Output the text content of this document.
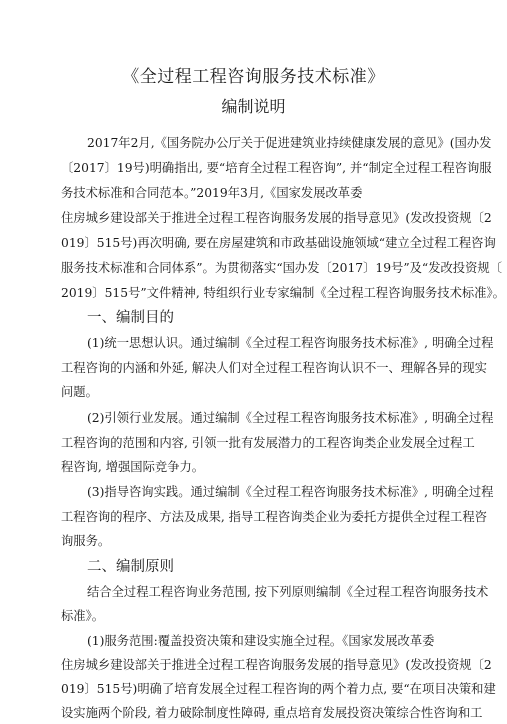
《全过程工程咨询服务技术标准》
编制说明
2017年2月,《国务院办公厅关于促进建筑业持续健康发展的意见》(国办发
〔2017〕19号)明确指出, 要“培育全过程工程咨询”, 并“制定全过程工程咨询服
务技术标准和合同范本。”2019年3月,《国家发展改革委
住房城乡建设部关于推进全过程工程咨询服务发展的指导意见》(发改投资规〔2
019〕515号)再次明确, 要在房屋建筑和市政基础设施领域“建立全过程工程咨询
服务技术标准和合同体系”。为贯彻落实“国办发〔2017〕19号”及“发改投资规〔
2019〕515号”文件精神, 特组织行业专家编制《全过程工程咨询服务技术标准》。
一、编制目的
(1)统一思想认识。通过编制《全过程工程咨询服务技术标准》, 明确全过程
工程咨询的内涵和外延, 解决人们对全过程工程咨询认识不一、理解各异的现实
问题。
(2)引领行业发展。通过编制《全过程工程咨询服务技术标准》, 明确全过程
工程咨询的范围和内容, 引领一批有发展潜力的工程咨询类企业发展全过程工
程咨询, 增强国际竞争力。
(3)指导咨询实践。通过编制《全过程工程咨询服务技术标准》, 明确全过程
工程咨询的程序、方法及成果, 指导工程咨询类企业为委托方提供全过程工程咨
询服务。
二、编制原则
结合全过程工程咨询业务范围, 按下列原则编制《全过程工程咨询服务技术
标准》。
(1)服务范围:覆盖投资决策和建设实施全过程。《国家发展改革委
住房城乡建设部关于推进全过程工程咨询服务发展的指导意见》(发改投资规〔2
019〕515号)明确了培育发展全过程工程咨询的两个着力点, 要“在项目决策和建
设实施两个阶段, 着力破除制度性障碍, 重点培育发展投资决策综合性咨询和工
